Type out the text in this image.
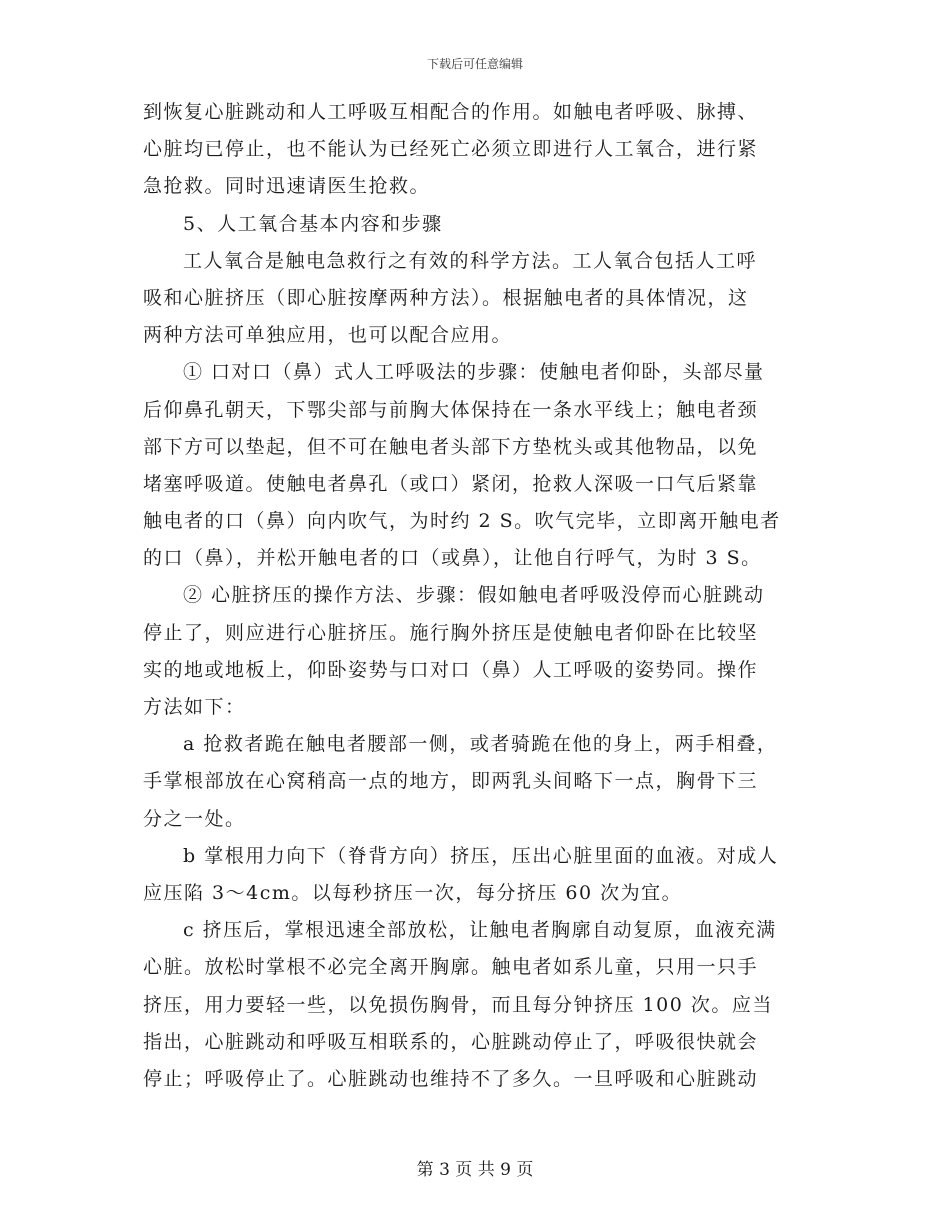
下载后可任意编辑
到恢复心脏跳动和人工呼吸互相配合的作用。如触电者呼吸、脉搏、
心脏均已停止，也不能认为已经死亡必须立即进行人工氧合，进行紧
急抢救。同时迅速请医生抢救。
5、人工氧合基本内容和步骤
工人氧合是触电急救行之有效的科学方法。工人氧合包括人工呼
吸和心脏挤压（即心脏按摩两种方法）。根据触电者的具体情况，这
两种方法可单独应用，也可以配合应用。
① 口对口（鼻）式人工呼吸法的步骤：使触电者仰卧，头部尽量
后仰鼻孔朝天，下鄂尖部与前胸大体保持在一条水平线上；触电者颈
部下方可以垫起，但不可在触电者头部下方垫枕头或其他物品，以免
堵塞呼吸道。使触电者鼻孔（或口）紧闭，抢救人深吸一口气后紧靠
触电者的口（鼻）向内吹气，为时约 2 S。吹气完毕，立即离开触电者
的口（鼻），并松开触电者的口（或鼻），让他自行呼气，为时 3 S。
② 心脏挤压的操作方法、步骤：假如触电者呼吸没停而心脏跳动
停止了，则应进行心脏挤压。施行胸外挤压是使触电者仰卧在比较坚
实的地或地板上，仰卧姿势与口对口（鼻）人工呼吸的姿势同。操作
方法如下：
a 抢救者跪在触电者腰部一侧，或者骑跪在他的身上，两手相叠，
手掌根部放在心窝稍高一点的地方，即两乳头间略下一点，胸骨下三
分之一处。
b 掌根用力向下（脊背方向）挤压，压出心脏里面的血液。对成人
应压陷 3～4cm。以每秒挤压一次，每分挤压 60 次为宜。
c 挤压后，掌根迅速全部放松，让触电者胸廓自动复原，血液充满
心脏。放松时掌根不必完全离开胸廓。触电者如系儿童，只用一只手
挤压，用力要轻一些，以免损伤胸骨，而且每分钟挤压 100 次。应当
指出，心脏跳动和呼吸互相联系的，心脏跳动停止了，呼吸很快就会
停止；呼吸停止了。心脏跳动也维持不了多久。一旦呼吸和心脏跳动
第 3 页 共 9 页
